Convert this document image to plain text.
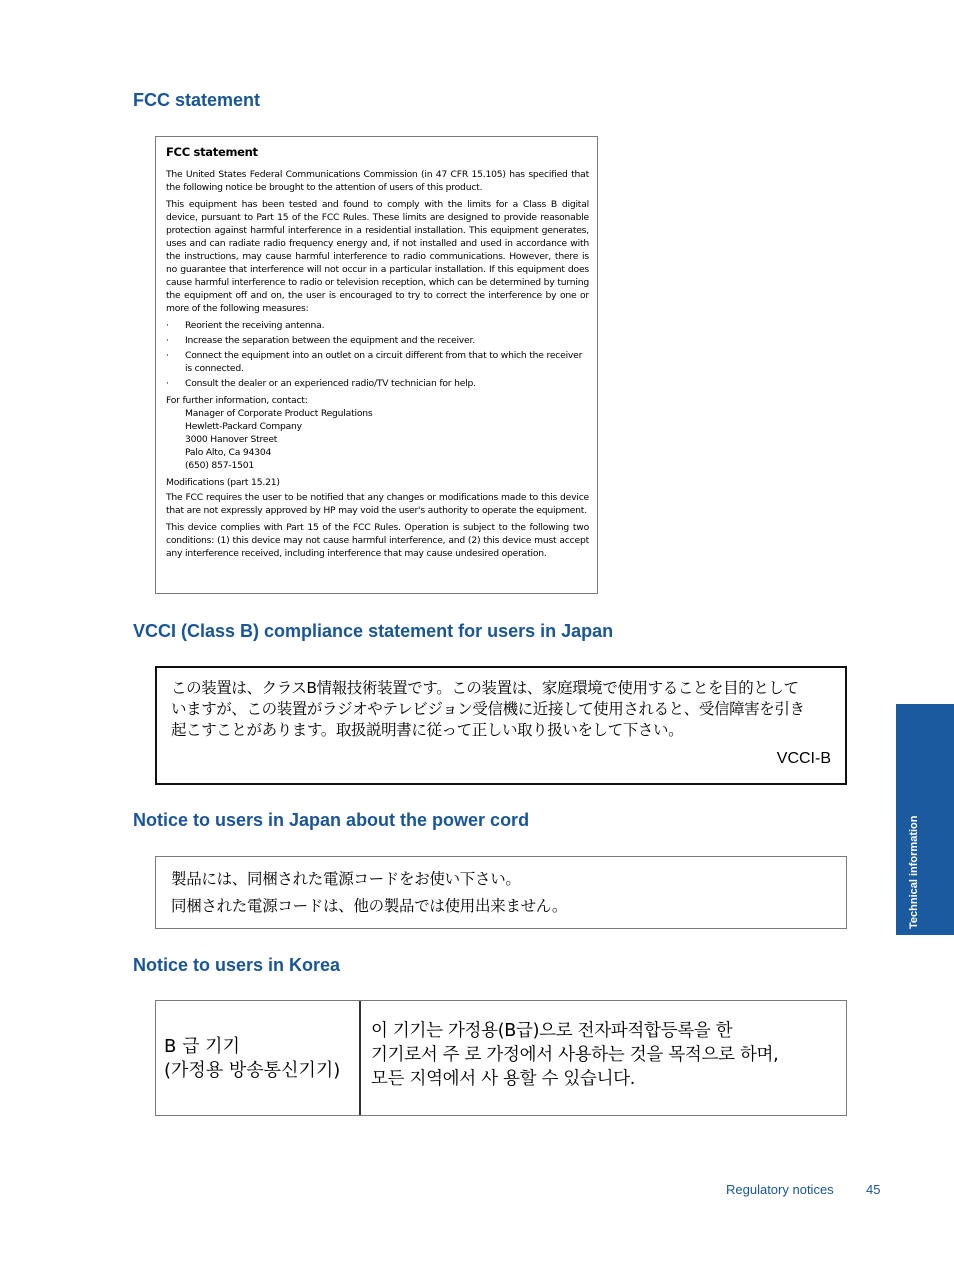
FCC statement
FCC statement

The United States Federal Communications Commission (in 47 CFR 15.105) has specified that the following notice be brought to the attention of users of this product.

This equipment has been tested and found to comply with the limits for a Class B digital device, pursuant to Part 15 of the FCC Rules. These limits are designed to provide reasonable protection against harmful interference in a residential installation. This equipment generates, uses and can radiate radio frequency energy and, if not installed and used in accordance with the instructions, may cause harmful interference to radio communications. However, there is no guarantee that interference will not occur in a particular installation. If this equipment does cause harmful interference to radio or television reception, which can be determined by turning the equipment off and on, the user is encouraged to try to correct the interference by one or more of the following measures:

· Reorient the receiving antenna.
· Increase the separation between the equipment and the receiver.
· Connect the equipment into an outlet on a circuit different from that to which the receiver is connected.
· Consult the dealer or an experienced radio/TV technician for help.

For further information, contact:

Manager of Corporate Product Regulations
Hewlett-Packard Company
3000 Hanover Street
Palo Alto, Ca 94304
(650) 857-1501
Modifications (part 15.21)

The FCC requires the user to be notified that any changes or modifications made to this device that are not expressly approved by HP may void the user's authority to operate the equipment.

This device complies with Part 15 of the FCC Rules. Operation is subject to the following two conditions: (1) this device may not cause harmful interference, and (2) this device must accept any interference received, including interference that may cause undesired operation.

VCCI (Class B) compliance statement for users in Japan

この装置は、クラスB情報技術装置です。この装置は、家庭環境で使用することを目的として

いますが、この装置がラジオやテレビジョン受信機に近接して使用されると、受信障害を引き

起こすことがあります。取扱説明書に従って正しい取り扱いをして下さい。

VCCI-B
Notice to users in Japan about the power cord

製品には、同梱された電源コードをお使い下さい。

同梱された電源コードは、他の製品では使用出来ません。

Notice to users in Korea

B 급 기기

(가정용 방송통신기기)

이 기기는 가정용(B급)으로 전자파적합등록을 한

기기로서 주 로 가정에서 사용하는 것을 목적으로 하며,

모든 지역에서 사 용할 수 있습니다.

Technical information
Regulatory notices 45
